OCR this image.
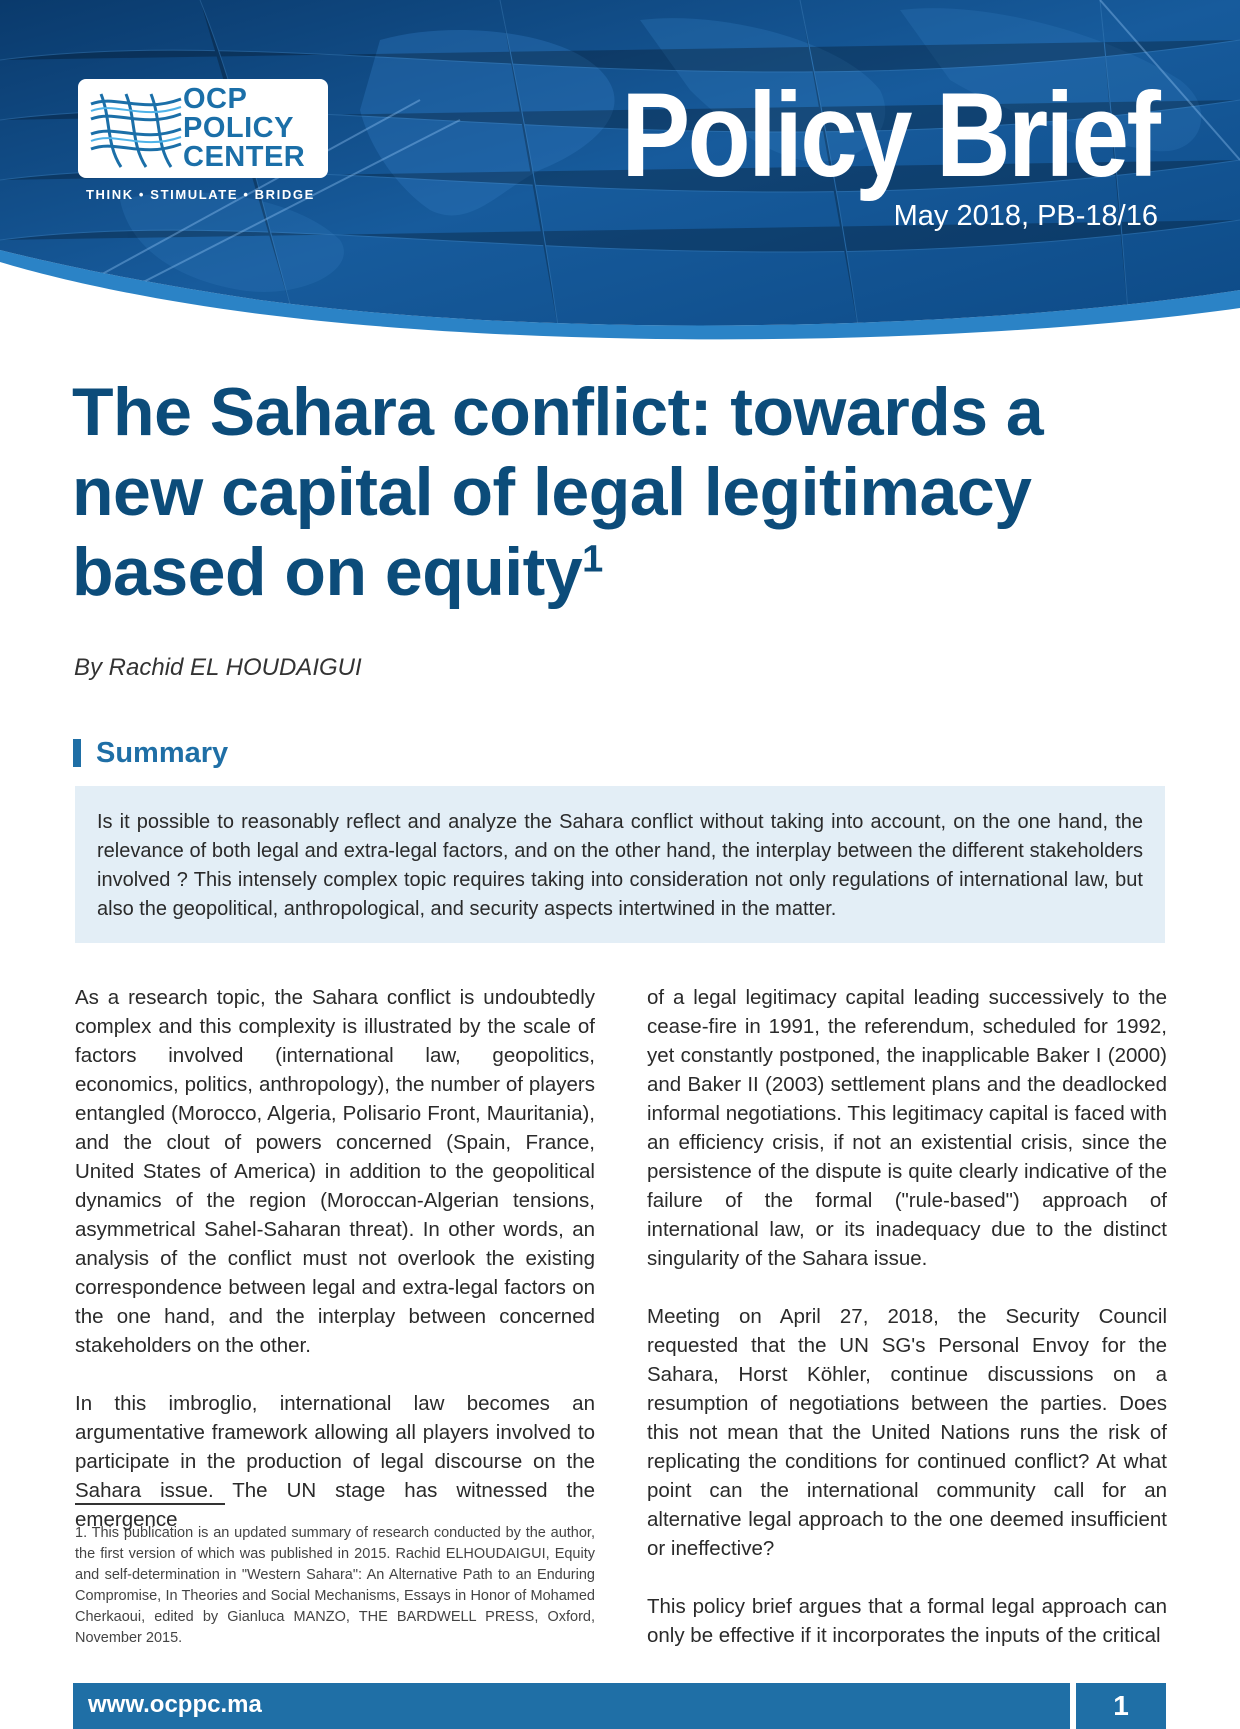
OCP
POLICY
CENTER
THINK • STIMULATE • BRIDGE	Policy Brief
May 2018, PB-18/16
The Sahara conflict: towards a new capital of legal legitimacy based on equity$^1$
By Rachid EL HOUDAIGUI
Summary

Is it possible to reasonably reflect and analyze the Sahara conflict without taking into account, on the one hand, the relevance of both legal and extra-legal factors, and on the other hand, the interplay between the different stakeholders involved ? This intensely complex topic requires taking into consideration not only regulations of international law, but also the geopolitical, anthropological, and security aspects intertwined in the matter.

As a research topic, the Sahara conflict is undoubtedly complex and this complexity is illustrated by the scale of factors involved (international law, geopolitics, economics, politics, anthropology), the number of players entangled (Morocco, Algeria, Polisario Front, Mauritania), and the clout of powers concerned (Spain, France, United States of America) in addition to the geopolitical dynamics of the region (Moroccan-Algerian tensions, asymmetrical Sahel-Saharan threat). In other words, an analysis of the conflict must not overlook the existing correspondence between legal and extra-legal factors on the one hand, and the interplay between concerned stakeholders on the other.

In this imbroglio, international law becomes an argumentative framework allowing all players involved to participate in the production of legal discourse on the Sahara issue. The UN stage has witnessed the emergence

of a legal legitimacy capital leading successively to the cease-fire in 1991, the referendum, scheduled for 1992, yet constantly postponed, the inapplicable Baker I (2000) and Baker II (2003) settlement plans and the deadlocked informal negotiations. This legitimacy capital is faced with an efficiency crisis, if not an existential crisis, since the persistence of the dispute is quite clearly indicative of the failure of the formal ("rule-based") approach of international law, or its inadequacy due to the distinct singularity of the Sahara issue.

Meeting on April 27, 2018, the Security Council requested that the UN SG's Personal Envoy for the Sahara, Horst Köhler, continue discussions on a resumption of negotiations between the parties. Does this not mean that the United Nations runs the risk of replicating the conditions for continued conflict? At what point can the international community call for an alternative legal approach to the one deemed insufficient or ineffective?

This policy brief argues that a formal legal approach can only be effective if it incorporates the inputs of the critical

1. This publication is an updated summary of research conducted by the author, the first version of which was published in 2015. Rachid ELHOUDAIGUI, Equity and self-determination in "Western Sahara": An Alternative Path to an Enduring Compromise, In Theories and Social Mechanisms, Essays in Honor of Mohamed Cherkaoui, edited by Gianluca MANZO, THE BARDWELL PRESS, Oxford, November 2015.

www.ocppc.ma	1
